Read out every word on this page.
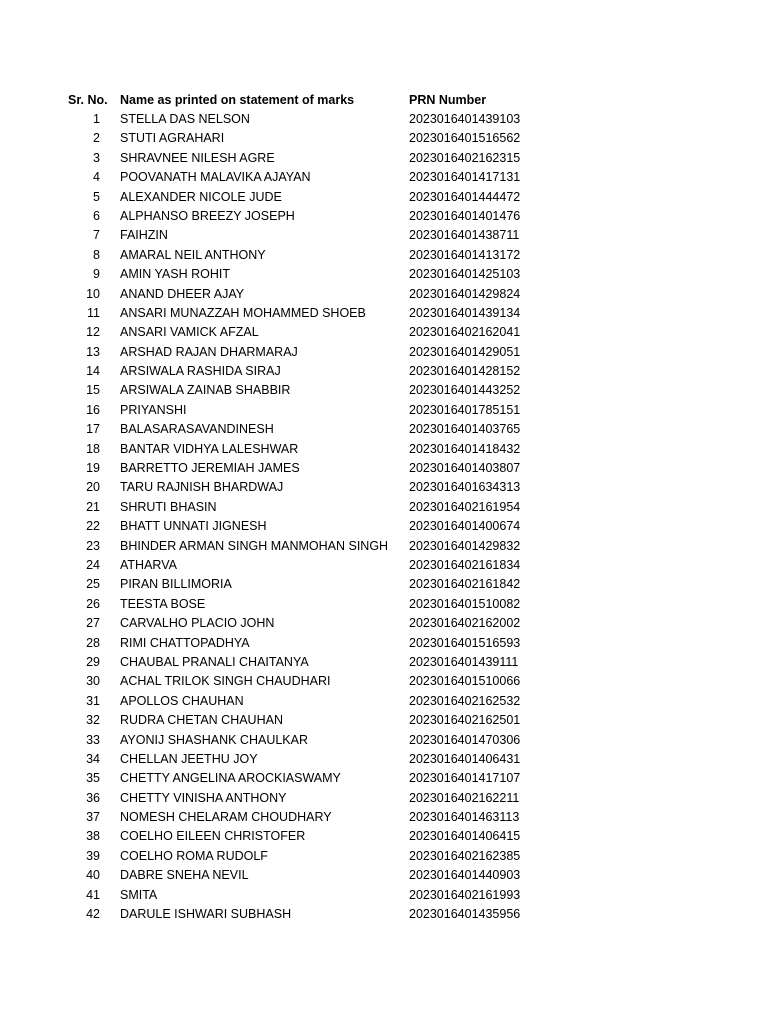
Sr. No. Name as printed on statement of marks	PRN Number
1 STELLA DAS NELSON	2023016401439103
2 STUTI AGRAHARI	2023016401516562
3 SHRAVNEE NILESH AGRE	2023016402162315
4 POOVANATH MALAVIKA AJAYAN	2023016401417131
5 ALEXANDER NICOLE JUDE	2023016401444472
6 ALPHANSO BREEZY JOSEPH	2023016401401476
7 FAIHZIN	2023016401438711
8 AMARAL NEIL ANTHONY	2023016401413172
9 AMIN YASH ROHIT	2023016401425103
10 ANAND DHEER AJAY	2023016401429824
11 ANSARI MUNAZZAH MOHAMMED SHOEB	2023016401439134
12 ANSARI VAMICK AFZAL	2023016402162041
13 ARSHAD RAJAN DHARMARAJ	2023016401429051
14 ARSIWALA RASHIDA SIRAJ	2023016401428152
15 ARSIWALA ZAINAB SHABBIR	2023016401443252
16 PRIYANSHI	2023016401785151
17 BALASARASAVANDINESH	2023016401403765
18 BANTAR VIDHYA LALESHWAR	2023016401418432
19 BARRETTO JEREMIAH JAMES	2023016401403807
20 TARU RAJNISH BHARDWAJ	2023016401634313
21 SHRUTI BHASIN	2023016402161954
22 BHATT UNNATI JIGNESH	2023016401400674
23 BHINDER ARMAN SINGH MANMOHAN SINGH 2023016401429832
24 ATHARVA	2023016402161834
25 PIRAN BILLIMORIA	2023016402161842
26 TEESTA BOSE	2023016401510082
27 CARVALHO PLACIO JOHN	2023016402162002
28 RIMI CHATTOPADHYA	2023016401516593
29 CHAUBAL PRANALI CHAITANYA	2023016401439111
30 ACHAL TRILOK SINGH CHAUDHARI	2023016401510066
31 APOLLOS CHAUHAN	2023016402162532
32 RUDRA CHETAN CHAUHAN	2023016402162501
33 AYONIJ SHASHANK CHAULKAR	2023016401470306
34 CHELLAN JEETHU JOY	2023016401406431
35 CHETTY ANGELINA AROCKIASWAMY	2023016401417107
36 CHETTY VINISHA ANTHONY	2023016402162211
37 NOMESH CHELARAM CHOUDHARY	2023016401463113
38 COELHO EILEEN CHRISTOFER	2023016401406415
39 COELHO ROMA RUDOLF	2023016402162385
40 DABRE SNEHA NEVIL	2023016401440903
41 SMITA	2023016402161993
42 DARULE ISHWARI SUBHASH	2023016401435956
